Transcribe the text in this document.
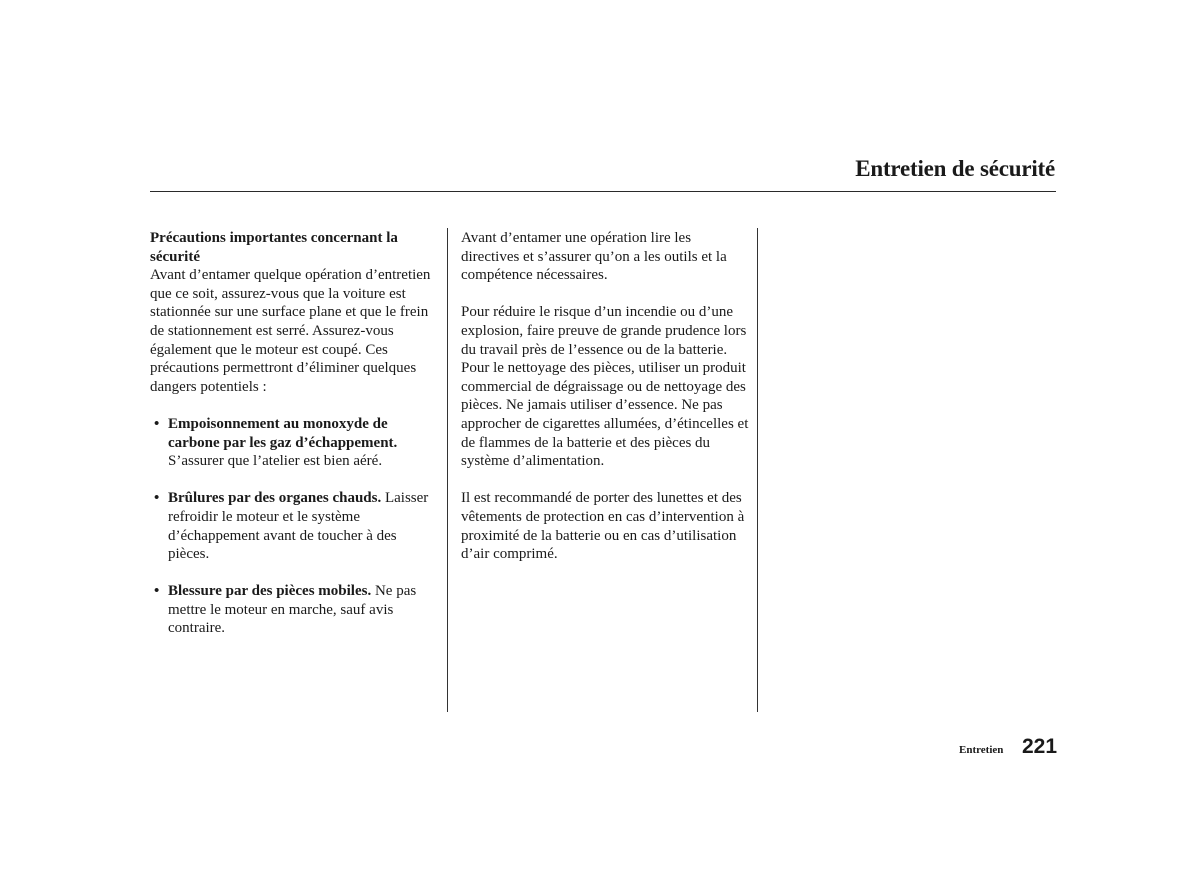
Entretien de sécurité

Précautions importantes concernant la sécurité

Avant d’entamer quelque opération d’entretien que ce soit, assurez-vous que la voiture est stationnée sur une surface plane et que le frein de stationnement est serré. Assurez-vous également que le moteur est coupé. Ces précautions permettront d’éliminer quelques dangers potentiels :

• Empoisonnement au monoxyde de carbone par les gaz d’échappement. S’assurer que l’atelier est bien aéré.
• Brûlures par des organes chauds. Laisser refroidir le moteur et le système d’échappement avant de toucher à des pièces.
• Blessure par des pièces mobiles. Ne pas mettre le moteur en marche, sauf avis contraire.

Avant d’entamer une opération lire les directives et s’assurer qu’on a les outils et la compétence nécessaires.

Pour réduire le risque d’un incendie ou d’une explosion, faire preuve de grande prudence lors du travail près de l’essence ou de la batterie. Pour le nettoyage des pièces, utiliser un produit commercial de dégraissage ou de nettoyage des pièces. Ne jamais utiliser d’essence. Ne pas approcher de cigarettes allumées, d’étincelles et de flammes de la batterie et des pièces du système d’alimentation.

Il est recommandé de porter des lunettes et des vêtements de protection en cas d’intervention à proximité de la batterie ou en cas d’utilisation d’air comprimé.

Entretien 221
